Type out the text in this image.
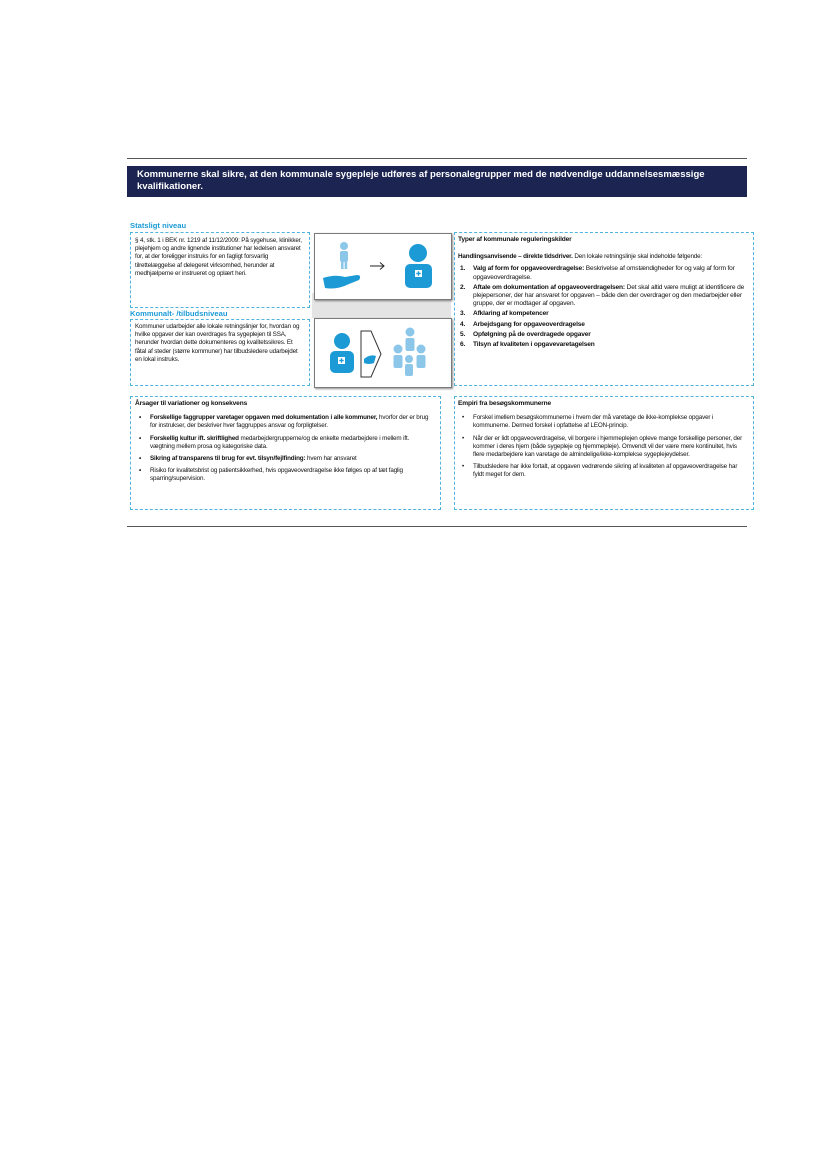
Kommunerne skal sikre, at den kommunale sygepleje udføres af personalegrupper med de nødvendige uddannelsesmæssige kvalifikationer.
Statsligt niveau
§ 4, stk. 1 i BEK nr. 1219 af 11/12/2009: På sygehuse, klinikker, plejehjem og andre lignende institutioner har ledelsen ansvaret for, at der foreligger instruks for en fagligt forsvarlig tilrettelæggelse af delegeret virksomhed, herunder at medhjælperne er instrueret og oplært heri.
Kommunalt- /tilbudsniveau
Kommuner udarbejder alle lokale retningslinjer for, hvordan og hvilke opgaver der kan overdrages fra sygeplejen til SSA, herunder hvordan dette dokumenteres og kvalitetssikres. Et fåtal af steder (større kommuner) har tilbudsledere udarbejdet en lokal instruks.
Typer af kommunale reguleringskilder
Handlingsanvisende – direkte tidsdriver. Den lokale retningslinje skal indeholde følgende:
1. Valg af form for opgaveoverdragelse: Beskrivelse af omstændigheder for og valg af form for opgaveoverdragelse.
2. Aftale om dokumentation af opgaveoverdragelsen: Det skal altid være muligt at identificere de plejepersoner, der har ansvaret for opgaven – både den der overdrager og den medarbejder eller gruppe, der er modtager af opgaven.
3. Afklaring af kompetencer
4. Arbejdsgang for opgaveoverdragelse
5. Opfølgning på de overdragede opgaver
6. Tilsyn af kvaliteten i opgavevaretagelsen
Årsager til variationer og konsekvens
• Forskellige faggrupper varetager opgaven med dokumentation i alle kommuner, hvorfor der er brug for instrukser, der beskriver hver faggruppes ansvar og forpligtelser.
• Forskellig kultur ift. skriftlighed medarbejdergrupperne/og de enkelte medarbejdere i mellem ift. vægtning mellem prosa og kategoriske data.
• Sikring af transparens til brug for evt. tilsyn/fejlfinding: hvem har ansvaret
• Risiko for kvalitetsbrist og patientsikkerhed, hvis opgaveoverdragelse ikke følges op af tæt faglig sparring/supervision.
Empiri fra besøgskommunerne
• Forskel imellem besøgskommunerne i hvem der må varetage de ikke-komplekse opgaver i kommunerne. Dermed forskel i opfattelse af LEON-princip.
• Når der er lidt opgaveoverdragelse, vil borgere i hjemmeplejen opleve mange forskellige personer, der kommer i deres hjem (både sygepleje og hjemmepleje). Omvendt vil der være mere kontinuitet, hvis flere medarbejdere kan varetage de almindelige/ikke-komplekse sygeplejeydelser.
• Tilbudsledere har ikke fortalt, at opgaven vedrørende sikring af kvaliteten af opgaveoverdragelse har fyldt meget for dem.
